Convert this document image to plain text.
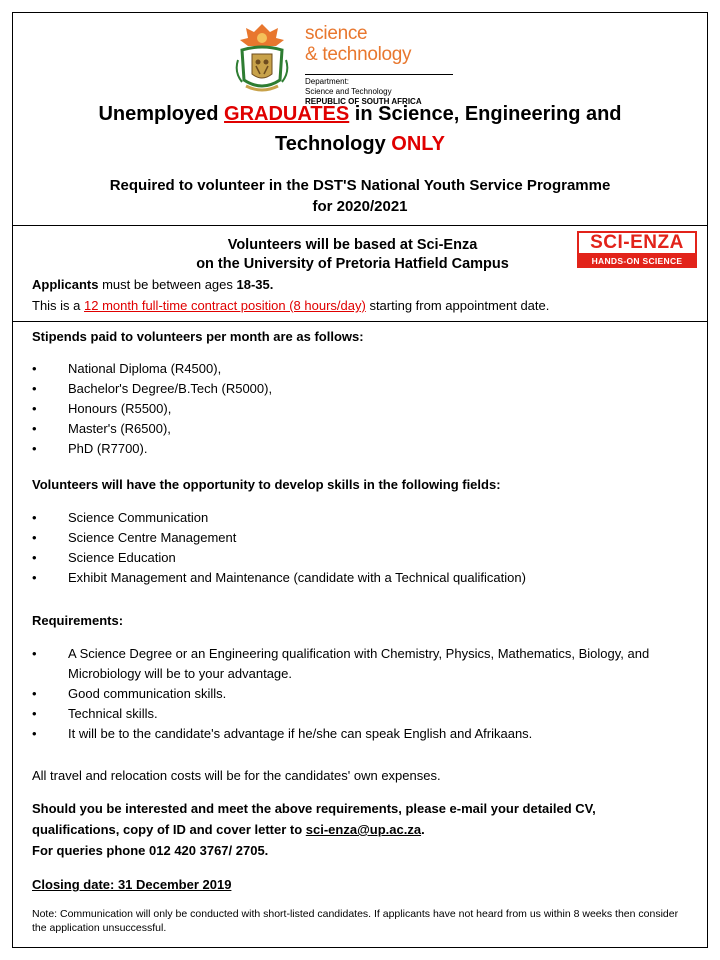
science
& technology
Department:
Science and Technology
REPUBLIC OF SOUTH AFRICA
Unemployed GRADUATES in Science, Engineering and
Technology ONLY
Required to volunteer in the DST'S National Youth Service Programme
for 2020/2021
Volunteers will be based at Sci-Enza
on the University of Pretoria Hatfield Campus
SCI-ENZA
HANDS-ON SCIENCE
Applicants must be between ages 18-35.
This is a 12 month full-time contract position (8 hours/day) starting from appointment date.
Stipends paid to volunteers per month are as follows:
• National Diploma (R4500),
• Bachelor's Degree/B.Tech (R5000),
• Honours (R5500),
• Master's (R6500),
• PhD (R7700).
Volunteers will have the opportunity to develop skills in the following fields:
• Science Communication
• Science Centre Management
• Science Education
• Exhibit Management and Maintenance (candidate with a Technical qualification)
Requirements:
• A Science Degree or an Engineering qualification with Chemistry, Physics, Mathematics, Biology, and Microbiology will be to your advantage.
• Good communication skills.
• Technical skills.
• It will be to the candidate's advantage if he/she can speak English and Afrikaans.
All travel and relocation costs will be for the candidates' own expenses.
Should you be interested and meet the above requirements, please e-mail your detailed CV,
qualifications, copy of ID and cover letter to sci-enza@up.ac.za.
For queries phone 012 420 3767/ 2705.
Closing date: 31 December 2019
Note: Communication will only be conducted with short-listed candidates. If applicants have not heard from us within 8 weeks then consider the application unsuccessful.
